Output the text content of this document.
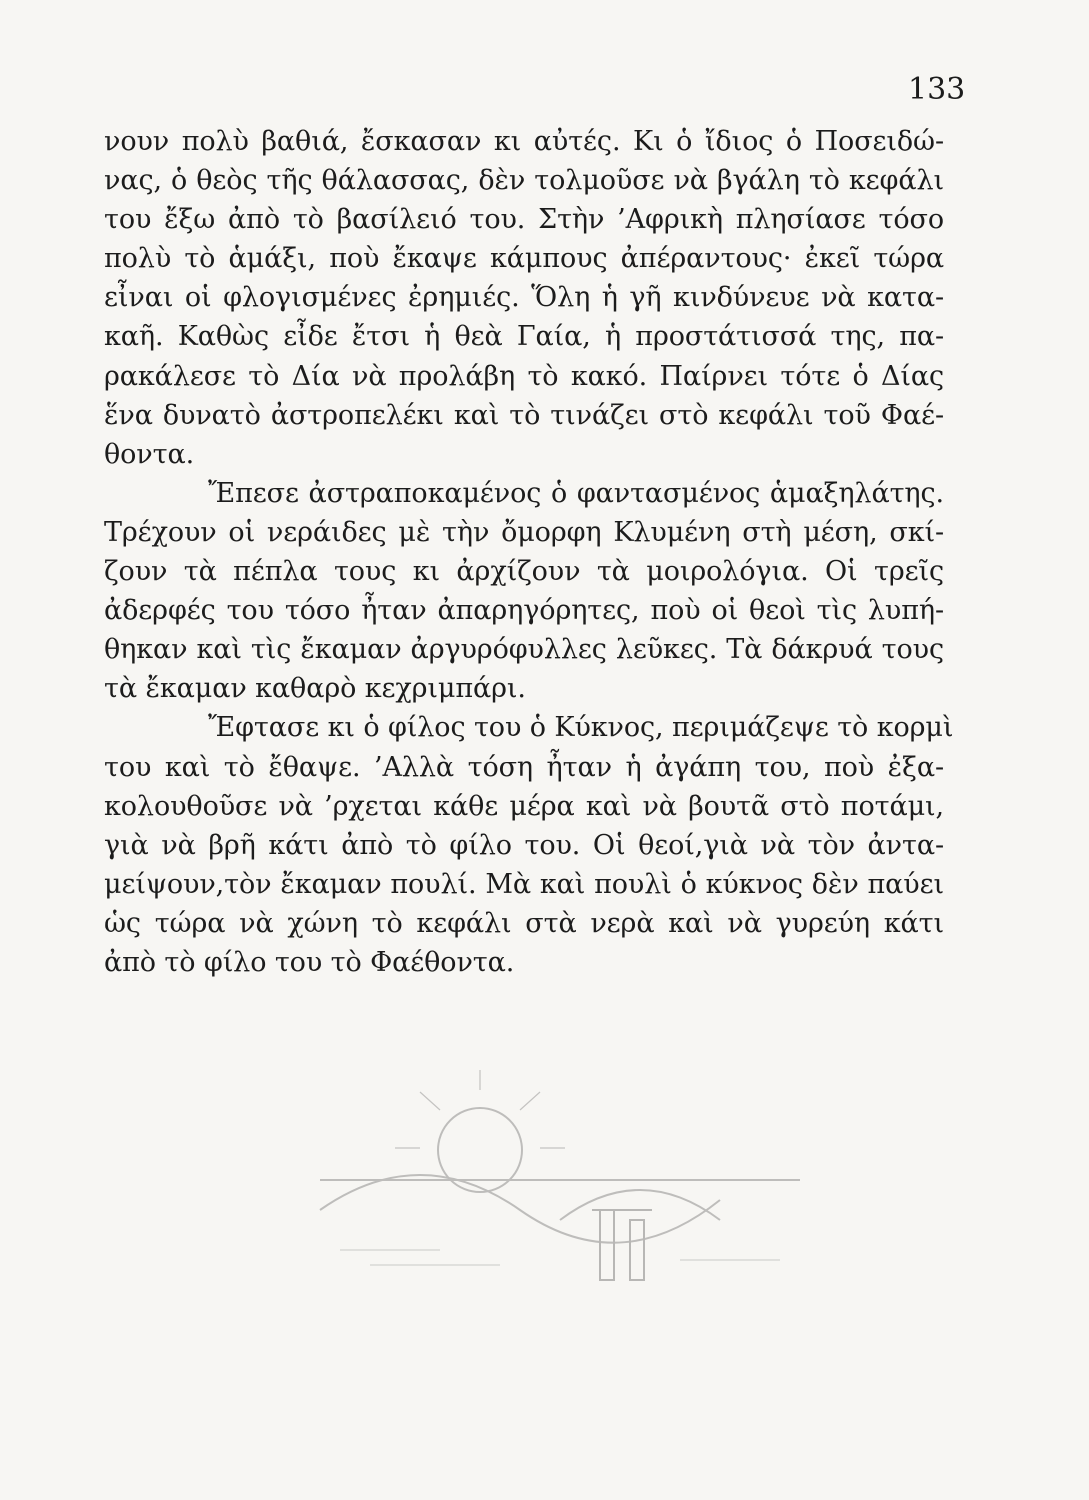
133
νουν πολὺ βαθιά, ἔσκασαν κι αὐτές. Κι ὁ ἴδιος ὁ Ποσειδώ-
νας, ὁ θεὸς τῆς θάλασσας, δὲν τολμοῦσε νὰ βγάλη τὸ κεφάλι
του ἔξω ἀπὸ τὸ βασίλειό του. Στὴν ’Αφρικὴ πλησίασε τόσο
πολὺ τὸ ἁμάξι, ποὺ ἔκαψε κάμπους ἀπέραντους· ἐκεῖ τώρα
εἶναι οἱ φλογισμένες ἐρημιές. Ὅλη ἡ γῆ κινδύνευε νὰ κατα-
καῆ. Καθὼς εἶδε ἔτσι ἡ θεὰ Γαία, ἡ προστάτισσά της, πα-
ρακάλεσε τὸ Δία νὰ προλάβη τὸ κακό. Παίρνει τότε ὁ Δίας
ἕνα δυνατὸ ἀστροπελέκι καὶ τὸ τινάζει στὸ κεφάλι τοῦ Φαέ-
θοντα.
Ἔπεσε ἀστραποκαμένος ὁ φαντασμένος ἁμαξηλάτης.
Τρέχουν οἱ νεράιδες μὲ τὴν ὄμορφη Κλυμένη στὴ μέση, σκί-
ζουν τὰ πέπλα τους κι ἀρχίζουν τὰ μοιρολόγια. Οἱ τρεῖς
ἀδερφές του τόσο ἦταν ἀπαρηγόρητες, ποὺ οἱ θεοὶ τὶς λυπή-
θηκαν καὶ τὶς ἔκαμαν ἀργυρόφυλλες λεῦκες. Τὰ δάκρυά τους
τὰ ἔκαμαν καθαρὸ κεχριμπάρι.
Ἔφτασε κι ὁ φίλος του ὁ Κύκνος, περιμάζεψε τὸ κορμὶ
του καὶ τὸ ἔθαψε. ’Αλλὰ τόση ἦταν ἡ ἀγάπη του, ποὺ ἐξα-
κολουθοῦσε νὰ ’ρχεται κάθε μέρα καὶ νὰ βουτᾶ στὸ ποτάμι,
γιὰ νὰ βρῆ κάτι ἀπὸ τὸ φίλο του. Οἱ θεοί,γιὰ νὰ τὸν ἀντα-
μείψουν,τὸν ἔκαμαν πουλί. Μὰ καὶ πουλὶ ὁ κύκνος δὲν παύει
ὡς τώρα νὰ χώνη τὸ κεφάλι στὰ νερὰ καὶ νὰ γυρεύη κάτι
ἀπὸ τὸ φίλο του τὸ Φαέθοντα.
